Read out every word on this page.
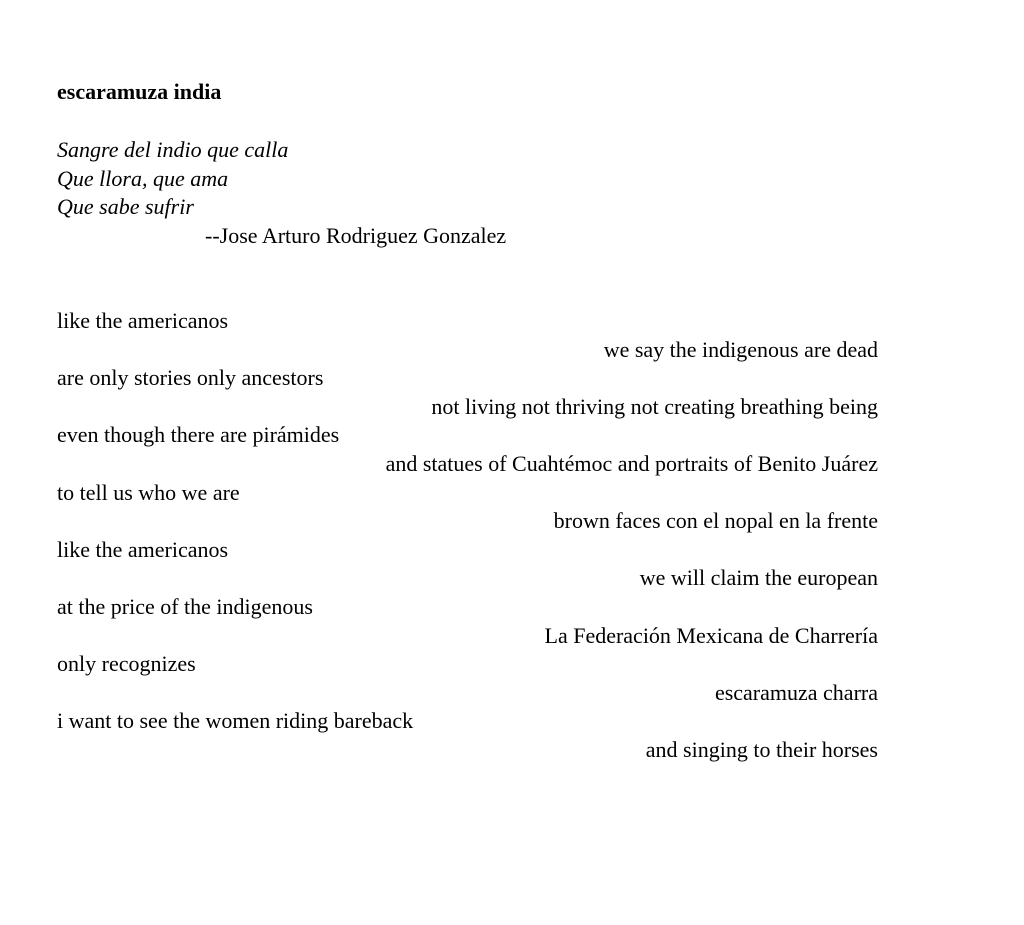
escaramuza india
Sangre del indio que calla
Que llora, que ama
Que sabe sufrir
--Jose Arturo Rodriguez Gonzalez
like the americanos
we say the indigenous are dead
are only stories only ancestors
not living not thriving not creating breathing being
even though there are pirámides
and statues of Cuahtémoc and portraits of Benito Juárez
to tell us who we are
brown faces con el nopal en la frente
like the americanos
we will claim the european
at the price of the indigenous
La Federación Mexicana de Charrería
only recognizes
escaramuza charra
i want to see the women riding bareback
and singing to their horses
